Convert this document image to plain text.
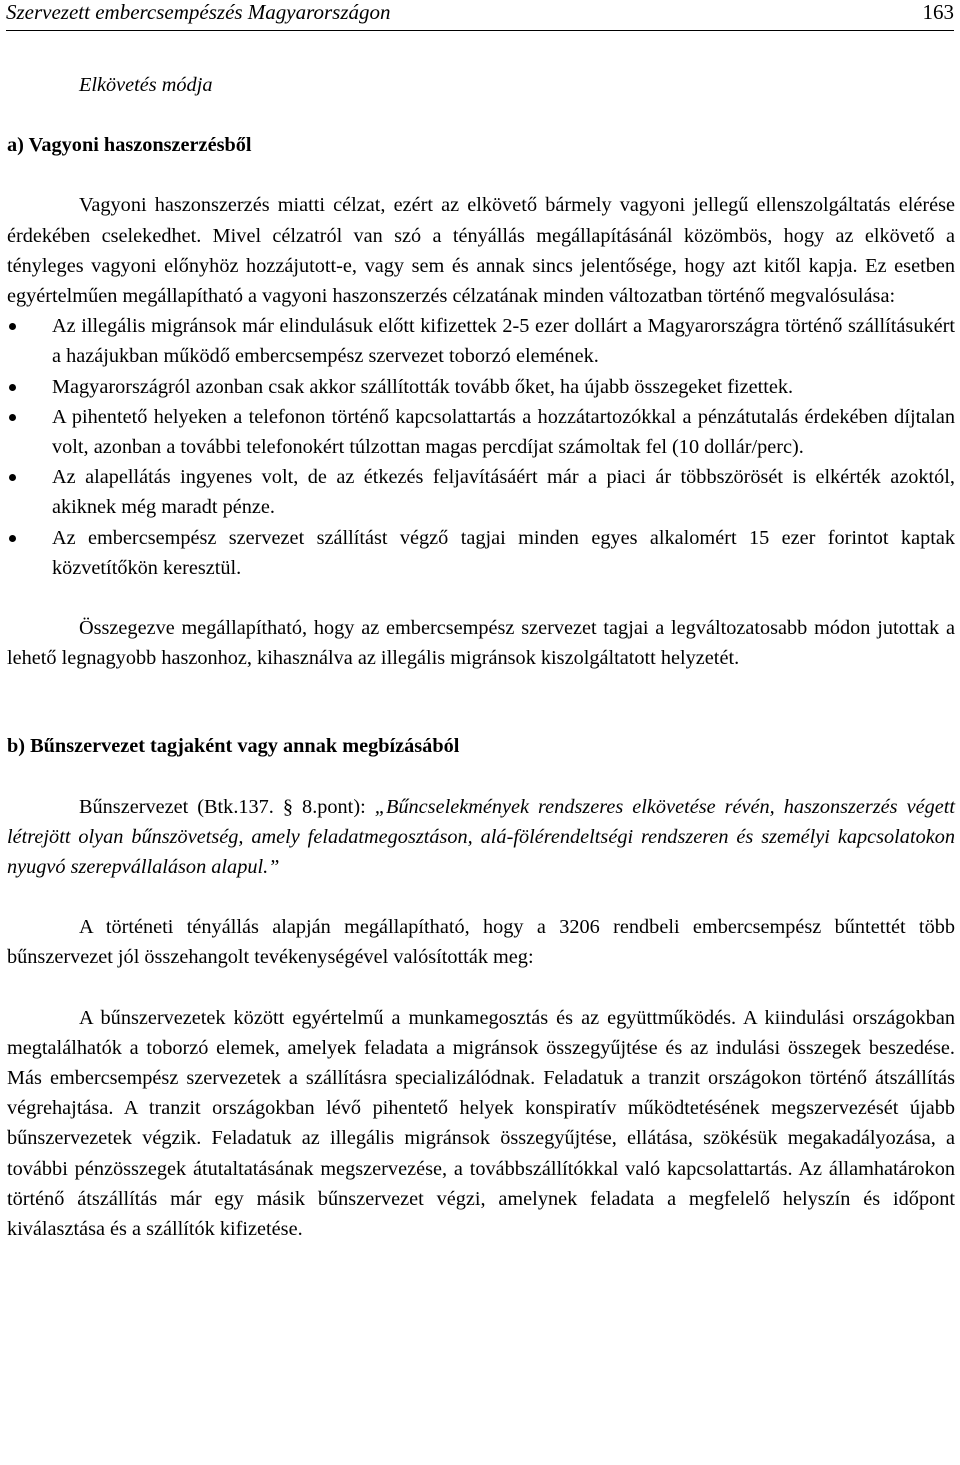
Szervezett embercsempészés Magyarországon	163

Elkövetés módja

a) Vagyoni haszonszerzésből

Vagyoni haszonszerzés miatti célzat, ezért az elkövető bármely vagyoni jellegű ellenszolgáltatás elérése érdekében cselekedhet. Mivel célzatról van szó a tényállás megállapításánál közömbös, hogy az elkövető a tényleges vagyoni előnyhöz hozzájutott-e, vagy sem és annak sincs jelentősége, hogy azt kitől kapja. Ez esetben egyértelműen megállapítható a vagyoni haszonszerzés célzatának minden változatban történő megvalósulása:

Az illegális migránsok már elindulásuk előtt kifizettek 2-5 ezer dollárt a Magyarországra történő szállításukért a hazájukban működő embercsempész szervezet toborzó elemének.
Magyarországról azonban csak akkor szállították tovább őket, ha újabb összegeket fizettek.
A pihentető helyeken a telefonon történő kapcsolattartás a hozzátartozókkal a pénzátutalás érdekében díjtalan volt, azonban a további telefonokért túlzottan magas percdíjat számoltak fel (10 dollár/perc).
Az alapellátás ingyenes volt, de az étkezés feljavításáért már a piaci ár többszörösét is elkérték azoktól, akiknek még maradt pénze.
Az embercsempész szervezet szállítást végző tagjai minden egyes alkalomért 15 ezer forintot kaptak közvetítőkön keresztül.

Összegezve megállapítható, hogy az embercsempész szervezet tagjai a legváltozatosabb módon jutottak a lehető legnagyobb haszonhoz, kihasználva az illegális migránsok kiszolgáltatott helyzetét.

b) Bűnszervezet tagjaként vagy annak megbízásából

Bűnszervezet (Btk.137. § 8.pont): „Bűncselekmények rendszeres elkövetése révén, haszonszerzés végett létrejött olyan bűnszövetség, amely feladatmegosztáson, alá-fölérendeltségi rendszeren és személyi kapcsolatokon nyugvó szerepvállaláson alapul.”

A történeti tényállás alapján megállapítható, hogy a 3206 rendbeli embercsempész bűntettét több bűnszervezet jól összehangolt tevékenységével valósították meg:

A bűnszervezetek között egyértelmű a munkamegosztás és az együttműködés. A kiindulási országokban megtalálhatók a toborzó elemek, amelyek feladata a migránsok összegyűjtése és az indulási összegek beszedése. Más embercsempész szervezetek a szállításra specializálódnak. Feladatuk a tranzit országokon történő átszállítás végrehajtása. A tranzit országokban lévő pihentető helyek konspiratív működtetésének megszervezését újabb bűnszervezetek végzik. Feladatuk az illegális migránsok összegyűjtése, ellátása, szökésük megakadályozása, a további pénzösszegek átutaltatásának megszervezése, a továbbszállítókkal való kapcsolattartás. Az államhatárokon történő átszállítás már egy másik bűnszervezet végzi, amelynek feladata a megfelelő helyszín és időpont kiválasztása és a szállítók kifizetése.
